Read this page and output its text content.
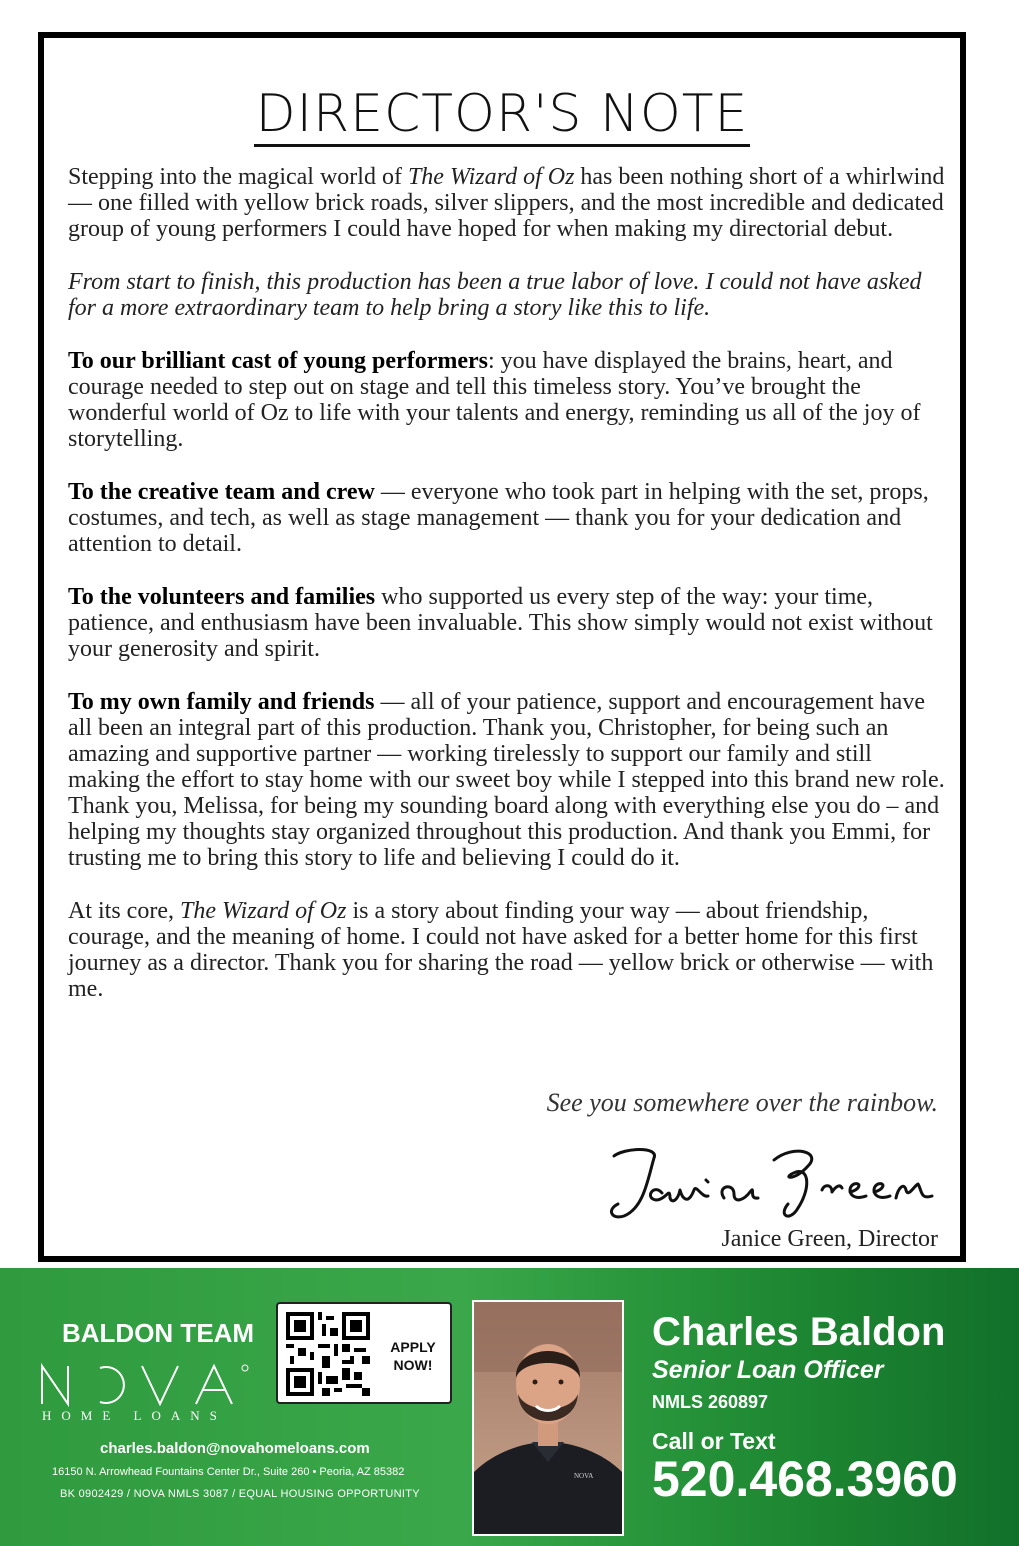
DIRECTOR'S NOTE

Stepping into the magical world of The Wizard of Oz has been nothing short of a whirlwind — one filled with yellow brick roads, silver slippers, and the most incredible and dedicated group of young performers I could have hoped for when making my directorial debut.

From start to finish, this production has been a true labor of love. I could not have asked for a more extraordinary team to help bring a story like this to life.

To our brilliant cast of young performers: you have displayed the brains, heart, and courage needed to step out on stage and tell this timeless story. You’ve brought the wonderful world of Oz to life with your talents and energy, reminding us all of the joy of storytelling.

To the creative team and crew — everyone who took part in helping with the set, props, costumes, and tech, as well as stage management — thank you for your dedication and attention to detail.

To the volunteers and families who supported us every step of the way: your time, patience, and enthusiasm have been invaluable. This show simply would not exist without your generosity and spirit.

To my own family and friends — all of your patience, support and encouragement have all been an integral part of this production. Thank you, Christopher, for being such an amazing and supportive partner — working tirelessly to support our family and still making the effort to stay home with our sweet boy while I stepped into this brand new role. Thank you, Melissa, for being my sounding board along with everything else you do – and helping my thoughts stay organized throughout this production. And thank you Emmi, for trusting me to bring this story to life and believing I could do it.

At its core, The Wizard of Oz is a story about finding your way — about friendship, courage, and the meaning of home. I could not have asked for a better home for this first journey as a director. Thank you for sharing the road — yellow brick or otherwise — with me.

See you somewhere over the rainbow.
Janice Green, Director
BALDON TEAM
HOME LOANS
APPLY
NOW!
charles.baldon@novahomeloans.com
16150 N. Arrowhead Fountains Center Dr., Suite 260 • Peoria, AZ 85382
BK 0902429 / NOVA NMLS 3087 / EQUAL HOUSING OPPORTUNITY
NOVA
Charles Baldon
Senior Loan Officer
NMLS 260897
Call or Text
520.468.3960
